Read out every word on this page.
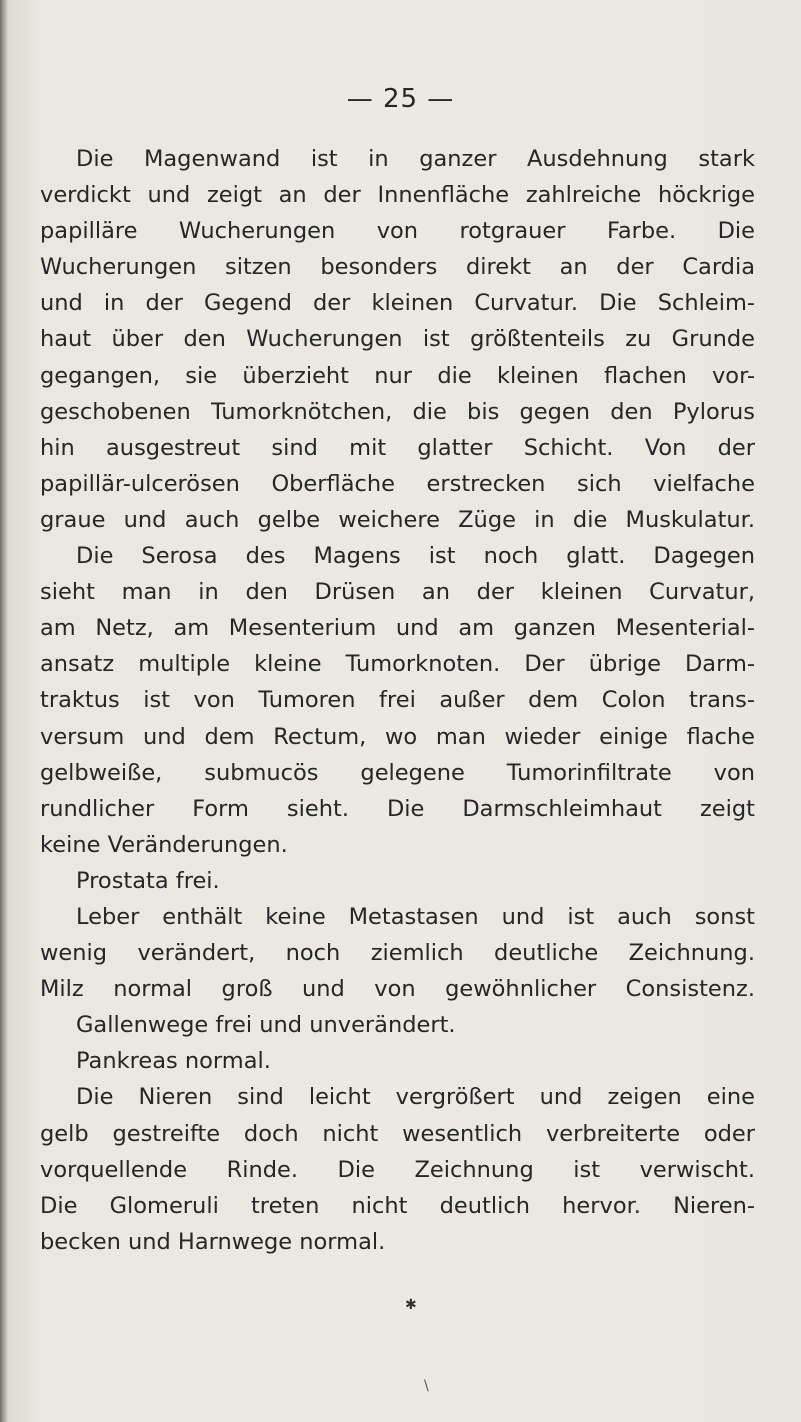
— 25 —
Die Magenwand ist in ganzer Ausdehnung stark
verdickt und zeigt an der Innenfläche zahlreiche höckrige
papilläre Wucherungen von rotgrauer Farbe. Die
Wucherungen sitzen besonders direkt an der Cardia
und in der Gegend der kleinen Curvatur. Die Schleim-
haut über den Wucherungen ist größtenteils zu Grunde
gegangen, sie überzieht nur die kleinen flachen vor-
geschobenen Tumorknötchen, die bis gegen den Pylorus
hin ausgestreut sind mit glatter Schicht. Von der
papillär-ulcerösen Oberfläche erstrecken sich vielfache
graue und auch gelbe weichere Züge in die Muskulatur.
Die Serosa des Magens ist noch glatt. Dagegen
sieht man in den Drüsen an der kleinen Curvatur,
am Netz, am Mesenterium und am ganzen Mesenterial-
ansatz multiple kleine Tumorknoten. Der übrige Darm-
traktus ist von Tumoren frei außer dem Colon trans-
versum und dem Rectum, wo man wieder einige flache
gelbweiße, submucös gelegene Tumorinfiltrate von
rundlicher Form sieht. Die Darmschleimhaut zeigt
keine Veränderungen.
Prostata frei.
Leber enthält keine Metastasen und ist auch sonst
wenig verändert, noch ziemlich deutliche Zeichnung.
Milz normal groß und von gewöhnlicher Consistenz.
Gallenwege frei und unverändert.
Pankreas normal.
Die Nieren sind leicht vergrößert und zeigen eine
gelb gestreifte doch nicht wesentlich verbreiterte oder
vorquellende Rinde. Die Zeichnung ist verwischt.
Die Glomeruli treten nicht deutlich hervor. Nieren-
becken und Harnwege normal.
✱
\
